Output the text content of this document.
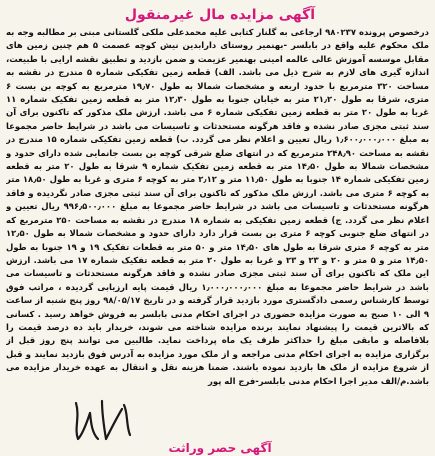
آگهی مزایده مال غیرمنقول

درخصوص پرونده ۹۸۰۲۳۷ ارجاعی به گلنار کتابی علیه محمدعلی ملکی گلستانی مبنی بر مطالبه وجه به ملک محکوم علیه واقع در بابلسر -بهنمیر روستای دارابدین نیش کوچه عصمت ۵ هم چنین زمین های مقابل موسسه آموزش عالی عالمه امینی بهنمیر عزیمت و ضمن بازدید و تطبیق نقشه ارایی با طبیعت، اندازه گیری های لازم به شرح ذیل می باشد. الف) قطعه زمین تفکیکی شماره ۵ مندرج در نقشه به مساحت ۳۲۰ مترمربع با حدود اربعه و مشخصات شمالا به طول ۱۹٫۷۰ مترمربع به کوچه بن بست ۶ متری، شرقا به طول ۲۱٫۲۰ متر به خیابان جنوبا به طول ۱۲٫۳۰ متر به قطعه زمین تفکیک شماره ۱۱ غربا به طول ۲۰ متر به قطعه زمین تفکیکی شماره ۶ می باشد. ارزش ملک مذکور که تاکنون برای آن سند ثبتی مجزی صادر نشده و فاقد هرگونه مستحدثات و تاسیسات می باشد در شرایط حاضر مجموعا به مبلغ ۱٫۶۰۰٫۰۰۰٫۰۰۰ ریال تعیین و اعلام نظر می گردد. ب) قطعه زمین تفکیکی شماره ۱۵ مندرج در نقشه به مساحت ۲۴۸٫۹۰ مترمربع که در انتهای ضلع شرقی کوچه بن بست جانمایی شده دارای حدود و مشخصات شمالا به طول ۱۴٫۵۰ متر به قطعه زمین تفکیک شماره ۹ شرقا به طول ۲۰ متر به قطعه زمین تفکیکی شماره ۱۴ جنوبا به طول ۱۱٫۵۰ متر و ۲٫۱۲ متر به کوچه ۶ متری و غربا به طول ۱۸٫۵۰ متر به کوچه ۶ متری می باشد. ارزش ملک مذکور که تاکنون برای آن سند ثبتی مجزی صادر نگردیده و فاقد هرگونه مستحدثات و تاسیسات می باشد در شرایط حاضر مجموعا به مبلغ ۹۹۶٫۵۰۰٫۰۰۰ ریال تعیین و اعلام نظر می گردد. ج) قطعه زمین تفکیکی به شماره ۱۸ مندرج در نقشه به مساحت ۲۵۰ مترمربع که در انتهای ضلع جنوبی کوچه ۶ متری بن بست قرار دارد دارای حدود و مشخصات شمالا به طول ۱۲٫۵۰ متر به کوچه ۶ متری شرقا به طول های ۱۴٫۵۰ متر و ۵۰ متر به قطعات تفکیک ۱۹ و ۱۹ جنوبا به طول ۱۴٫۵۰ متر و ۵ متر و ۲۰ و ۲۳ و ۲۳ و غربا به طول ۲۰ متر به قطعه تفکیک شماره ۱۷ می باشد. ارزش این ملک که تاکنون برای آن سند ثبتی مجزی صادر نشده و فاقد هرگونه مستحدثات و تاسیسات می باشد در شرایط حاضر مجموعا به مبلغ ۱٫۰۰۰٫۰۰۰٫۰۰۰ ریال قیمت پایه ارزیابی گردیده ، مراتب فوق توسط کارشناس رسمی دادگستری مورد بازدید قرار گرفته و در تاریخ ۹۸/۰۵/۱۷ روز پنج شنبه از ساعت ۹ الی ۱۰ صبح به صورت مزایده حضوری در اجرای احکام مدنی بابلسر به فروش خواهد رسید . کسانی که بالاترین قیمت را پیشنهاد نمایند برنده مزایده شناخته می شوند، خریدار باید ده درصد قیمت را بلافاصله و مابقی مبلغ را حداکثر ظرف یک ماه پرداخت نماید. طالبین می توانند پنج روز قبل از برگزاری مزایده به اجرای احکام مدنی مراجعه و از ملک مورد مزایده به آدرس فوق بازدید نمایند و قبل از شروع مزایده از ملک ها بازدید نموده باشند. ضمنا هزینه نقل و انتقال به عهده خریدار مزایده می باشد.م/الف مدیر اجرا احکام مدنی بابلسر-فرج اله پور

آگهی حصر وراثت
